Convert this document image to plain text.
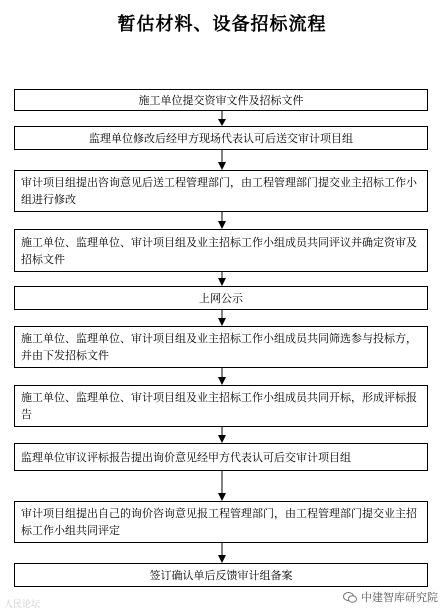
暂估材料、设备招标流程
施工单位提交资审文件及招标文件
监理单位修改后经甲方现场代表认可后送交审计项目组
审计项目组提出咨询意见后送工程管理部门，由工程管理部门提交业主招标工作小组进行修改
施工单位、监理单位、审计项目组及业主招标工作小组成员共同评议并确定资审及招标文件
上网公示
施工单位、监理单位、审计项目组及业主招标工作小组成员共同筛选参与投标方，并由下发招标文件
施工单位、监理单位、审计项目组及业主招标工作小组成员共同开标，形成评标报告
监理单位审议评标报告提出询价意见经甲方代表认可后交审计项目组
审计项目组提出自己的询价咨询意见报工程管理部门，由工程管理部门提交业主招标工作小组共同评定
签订确认单后反馈审计组备案
人民论坛
中建智库研究院
